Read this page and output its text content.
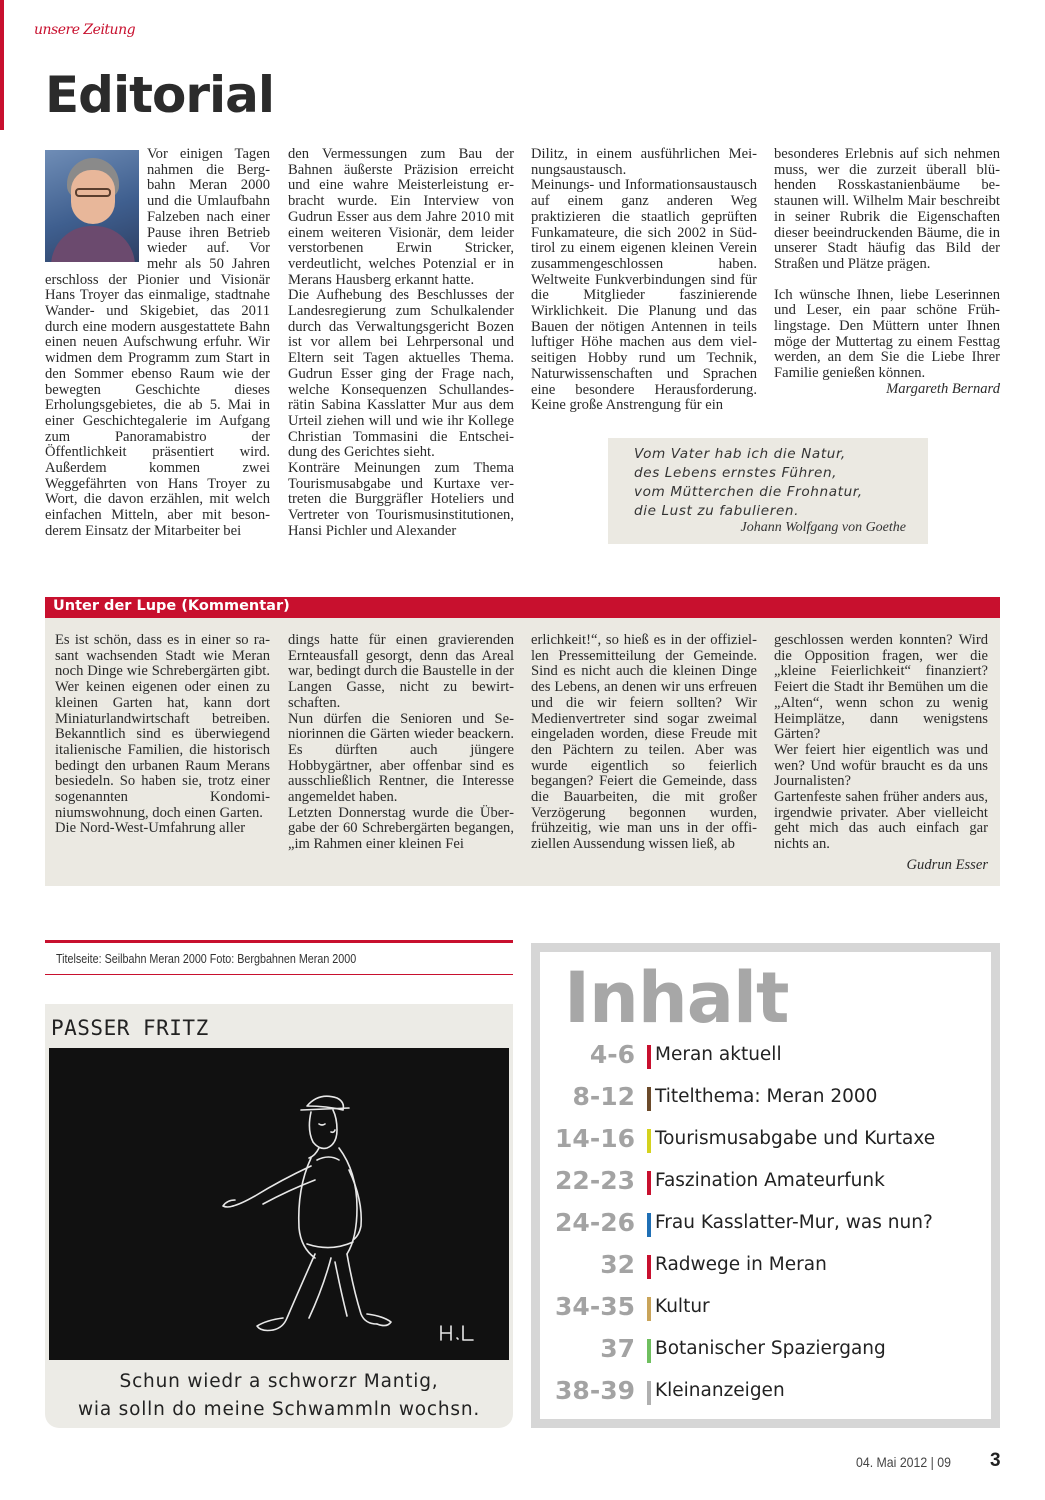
unsere Zeitung
Editorial

Vor einigen Tagen nahmen die Bergbahn Meran 2000 und die Umlaufbahn Falzeben nach einer Pause ihren Betrieb wieder auf. Vor mehr als 50 Jahren erschloss der Pionier und Visionär Hans Troyer das einmalige, stadtnahe Wander- und Skigebiet, das 2011 durch eine modern ausgestattete Bahn einen neuen Aufschwung erfuhr. Wir widmen dem Programm zum Start in den Sommer ebenso Raum wie der bewegten Geschichte dieses Erholungsgebietes, die ab 5. Mai in einer Geschichtegalerie im Aufgang zum Panoramabistro der Öffentlichkeit präsentiert wird. Außerdem kommen zwei Weggefährten von Hans Troyer zu Wort, die davon erzählen, mit welch einfachen Mitteln, aber mit besonderem Einsatz der Mitarbeiter bei

den Vermessungen zum Bau der Bahnen äußerste Präzision erreicht und eine wahre Meisterleistung erbracht wurde. Ein Interview von Gudrun Esser aus dem Jahre 2010 mit einem weiteren Visionär, dem leider verstorbenen Erwin Stricker, verdeutlicht, welches Potenzial er in Merans Hausberg erkannt hatte.

Die Aufhebung des Beschlusses der Landesregierung zum Schulkalender durch das Verwaltungsgericht Bozen ist vor allem bei Lehrpersonal und Eltern seit Tagen aktuelles Thema. Gudrun Esser ging der Frage nach, welche Konsequenzen Schullandesrätin Sabina Kasslatter Mur aus dem Urteil ziehen will und wie ihr Kollege Christian Tommasini die Entscheidung des Gerichtes sieht.

Konträre Meinungen zum Thema Tourismusabgabe und Kurtaxe vertreten die Burggräfler Hoteliers und Vertreter von Tourismusinstitutionen, Hansi Pichler und Alexander

Dilitz, in einem ausführlichen Meinungsaustausch.

Meinungs- und Informationsaustausch auf einem ganz anderen Weg praktizieren die staatlich geprüften Funkamateure, die sich 2002 in Südtirol zu einem eigenen kleinen Verein zusammengeschlossen haben. Weltweite Funkverbindungen sind für die Mitglieder faszinierende Wirklichkeit. Die Planung und das Bauen der nötigen Antennen in teils luftiger Höhe machen aus dem vielseitigen Hobby rund um Technik, Naturwissenschaften und Sprachen eine besondere Herausforderung. Keine große Anstrengung für ein

besonderes Erlebnis auf sich nehmen muss, wer die zurzeit überall blühenden Rosskastanienbäume bestaunen will. Wilhelm Mair beschreibt in seiner Rubrik die Eigenschaften dieser beeindruckenden Bäume, die in unserer Stadt häufig das Bild der Straßen und Plätze prägen.

Ich wünsche Ihnen, liebe Leserinnen und Leser, ein paar schöne Frühlingstage. Den Müttern unter Ihnen möge der Muttertag zu einem Festtag werden, an dem Sie die Liebe Ihrer Familie genießen können.

Margareth Bernard

Vom Vater hab ich die Natur,
des Lebens ernstes Führen,
vom Mütterchen die Frohnatur,
die Lust zu fabulieren.
Johann Wolfgang von Goethe
Unter der Lupe (Kommentar)

Es ist schön, dass es in einer so rasant wachsenden Stadt wie Meran noch Dinge wie Schrebergärten gibt. Wer keinen eigenen oder einen zu kleinen Garten hat, kann dort Miniaturlandwirtschaft betreiben. Bekanntlich sind es überwiegend italienische Familien, die historisch bedingt den urbanen Raum Merans besiedeln. So haben sie, trotz einer sogenannten Kondominiumswohnung, doch einen Garten.

Die Nord-West-Umfahrung aller

dings hatte für einen gravierenden Ernteausfall gesorgt, denn das Areal war, bedingt durch die Baustelle in der Langen Gasse, nicht zu bewirtschaften.

Nun dürfen die Senioren und Seniorinnen die Gärten wieder beackern. Es dürften auch jüngere Hobbygärtner, aber offenbar sind es ausschließlich Rentner, die Interesse angemeldet haben.

Letzten Donnerstag wurde die Übergabe der 60 Schrebergärten begangen, „im Rahmen einer kleinen Fei

erlichkeit!“, so hieß es in der offiziellen Pressemitteilung der Gemeinde. Sind es nicht auch die kleinen Dinge des Lebens, an denen wir uns erfreuen und die wir feiern sollten? Wir Medienvertreter sind sogar zweimal eingeladen worden, diese Freude mit den Pächtern zu teilen. Aber was wurde eigentlich so feierlich begangen? Feiert die Gemeinde, dass die Bauarbeiten, die mit großer Verzögerung begonnen wurden, frühzeitig, wie man uns in der offiziellen Aussendung wissen ließ, ab

geschlossen werden konnten? Wird die Opposition fragen, wer die „kleine Feierlichkeit“ finanziert? Feiert die Stadt ihr Bemühen um die „Alten“, wenn schon zu wenig Heimplätze, dann wenigstens Gärten?

Wer feiert hier eigentlich was und wen? Und wofür braucht es da uns Journalisten?

Gartenfeste sahen früher anders aus, irgendwie privater. Aber vielleicht geht mich das auch einfach gar nichts an.

Gudrun Esser

Titelseite: Seilbahn Meran 2000 Foto: Bergbahnen Meran 2000
PASSER FRITZ
Schun wiedr a schworzr Mantig,
wia solln do meine Schwammln wochsn.
Inhalt
4-6 Meran aktuell
8-12 Titelthema: Meran 2000
14-16 Tourismusabgabe und Kurtaxe
22-23 Faszination Amateurfunk
24-26 Frau Kasslatter-Mur, was nun?
32 Radwege in Meran
34-35 Kultur
37 Botanischer Spaziergang
38-39 Kleinanzeigen
04. Mai 2012 | 09 3
